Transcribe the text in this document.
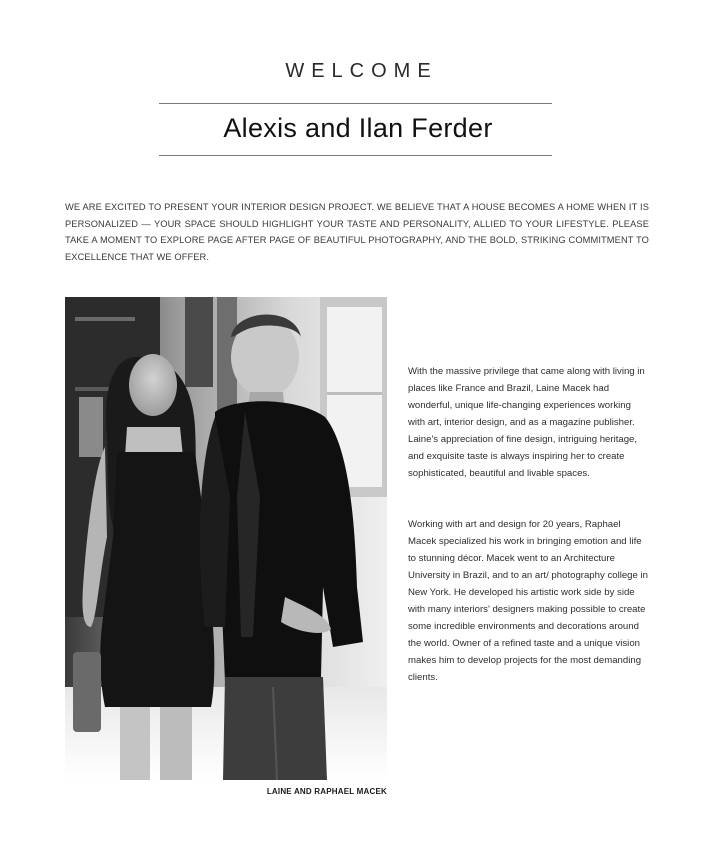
WELCOME
Alexis and Ilan Ferder

WE ARE EXCITED TO PRESENT YOUR INTERIOR DESIGN PROJECT. WE BELIEVE THAT A HOUSE BECOMES A HOME WHEN IT IS PERSONALIZED — YOUR SPACE SHOULD HIGHLIGHT YOUR TASTE AND PERSONALITY, ALLIED TO YOUR LIFESTYLE. PLEASE TAKE A MOMENT TO EXPLORE PAGE AFTER PAGE OF BEAUTIFUL PHOTOGRAPHY, AND THE BOLD, STRIKING COMMITMENT TO EXCELLENCE THAT WE OFFER.

LAINE AND RAPHAEL MACEK

With the massive privilege that came along with living in places like France and Brazil, Laine Macek had wonderful, unique life-changing experiences working with art, interior design, and as a magazine publisher. Laine's appreciation of fine design, intriguing heritage, and exquisite taste is always inspiring her to create sophisticated, beautiful and livable spaces.

Working with art and design for 20 years, Raphael Macek specialized his work in bringing emotion and life to stunning décor. Macek went to an Architecture University in Brazil, and to an art/ photography college in New York. He developed his artistic work side by side with many interiors' designers making possible to create some incredible environments and decorations around the world. Owner of a refined taste and a unique vision makes him to develop projects for the most demanding clients.
